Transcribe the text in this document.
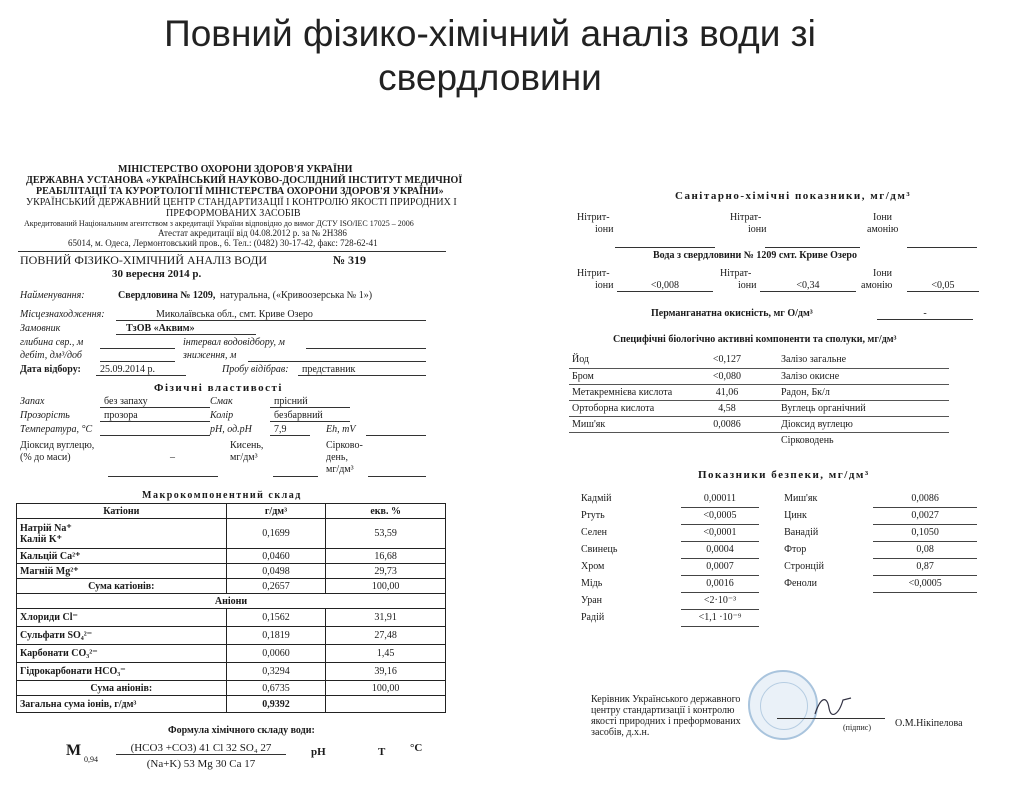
Повний фізико-хімічний аналіз води зі
свердловини
МІНІСТЕРСТВО ОХОРОНИ ЗДОРОВ'Я УКРАЇНИ
ДЕРЖАВНА УСТАНОВА «УКРАЇНСЬКИЙ НАУКОВО-ДОСЛІДНИЙ ІНСТИТУТ МЕДИЧНОЇ
РЕАБІЛІТАЦІЇ ТА КУРОРТОЛОГІЇ МІНІСТЕРСТВА ОХОРОНИ ЗДОРОВ'Я УКРАЇНИ»
УКРАЇНСЬКИЙ ДЕРЖАВНИЙ ЦЕНТР СТАНДАРТИЗАЦІЇ І КОНТРОЛЮ ЯКОСТІ ПРИРОДНИХ І
ПРЕФОРМОВАНИХ ЗАСОБІВ
Акредитований Національним агентством з акредитації України відповідно до вимог ДСТУ ISO/IEC 17025 – 2006
Атестат акредитації від 04.08.2012 р. за № 2Н386
65014, м. Одеса, Лермонтовський пров., 6. Тел.: (0482) 30-17-42, факс: 728-62-41
ПОВНИЙ ФІЗИКО-ХІМІЧНИЙ АНАЛІЗ ВОДИ	№ 319
30 вересня 2014 р.
Найменування:	Свердловина № 1209, натуральна, («Кривоозерська № 1»)
Місцезнаходження:	Миколаївська обл., смт. Криве Озеро
Замовник	ТзОВ «Аквим»
глибина свр., м	інтервал водовідбору, м
дебіт, дм³/доб	зниження, м
Дата відбору:	25.09.2014 р.	Пробу відібрав:	представник
Фізичні властивості
Запах	без запаху	Смак	прісний
Прозорість	прозора	Колір	безбарвний
Температура, °C	pH, од.pH	7,9	Eh, mV
Діоксид вуглецю,
(% до маси)	–
Кисень,
мг/дм³
Сірково-
день,
мг/дм³
Макрокомпонентний склад
Катіони	г/дм³	екв. %
Натрій Na⁺
Калій K⁺	0,1699	53,59
Кальцій Ca²⁺	0,0460	16,68
Магній Mg²⁺	0,0498	29,73
Сума катіонів:	0,2657	100,00
Аніони		
Хлориди Cl⁻	0,1562	31,91
Сульфати SO₄²⁻	0,1819	27,48
Карбонати CO₃²⁻	0,0060	1,45
Гідрокарбонати HCO₃⁻	0,3294	39,16
Сума аніонів:	0,6735	100,00
Загальна сума іонів, г/дм³	0,9392	
Формула хімічного складу води:
M
0,94
(HCO3 +CO3) 41 Cl 32 SO₄ 27
(Na+K) 53 Mg 30 Ca 17
pH	T °C
Санітарно-хімічні показники, мг/дм³
Нітрит-
іони
Нітрат-
іони
Іони
амонію
Вода з свердловини № 1209 смт. Криве Озеро
Нітрит-
іони	<0,008
Нітрат-
іони	<0,34
Іони
амонію	<0,05
Перманганатна окисність, мг O/дм³	-
Специфічні біологічно активні компоненти та сполуки, мг/дм³
Йод	<0,127	Залізо загальне
Бром	<0,080	Залізо окисне
Метакремнієва кислота	41,06	Радон, Бк/л
Ортоборна кислота	4,58	Вуглець органічний
Миш'як	0,0086	Діоксид вуглецю
		Сірководень
Показники безпеки, мг/дм³
Кадмій	0,00011		Миш'як	0,0086
Ртуть	<0,0005		Цинк	0,0027
Селен	<0,0001		Ванадій	0,1050
Свинець	0,0004		Фтор	0,08
Хром	0,0007		Стронцій	0,87
Мідь	0,0016		Феноли	<0,0005
Уран	<2·10⁻³			
Радій	<1,1 ·10⁻⁹			
Керівник Українського державного
центру стандартизації і контролю
якості природних і преформованих
засобів, д.х.н.	(підпис) О.М.Нікіпелова
